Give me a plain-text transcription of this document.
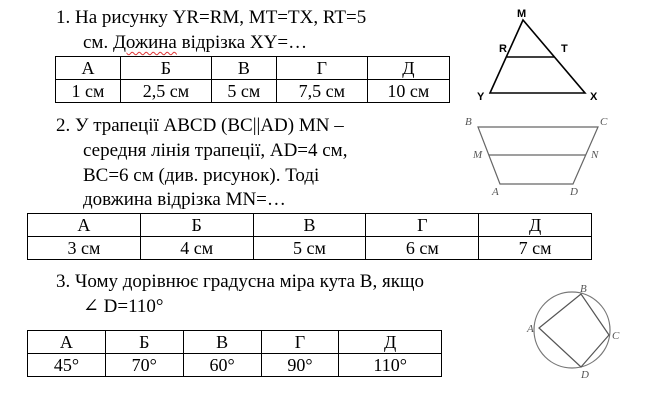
1. На рисунку YR=RM, MT=TX, RT=5
см. Дожина відрізка XY=…
А	Б	В	Г	Д
1 см	2,5 см	5 см	7,5 см	10 см
M
R	T
Y	X
2. У трапеції ABCD (BC||AD) MN –
середня лінія трапеції, AD=4 см,
BC=6 см (див. рисунок). Тоді
довжина відрізка MN=…
А	Б	В	Г	Д
3 см	4 см	5 см	6 см	7 см
B	C
M	N
A	D
3. Чому дорівнює градусна міра кута B, якщо
∠ D=110°
А	Б	В	Г	Д
45°	70°	60°	90°	110°
A
B
C
D
